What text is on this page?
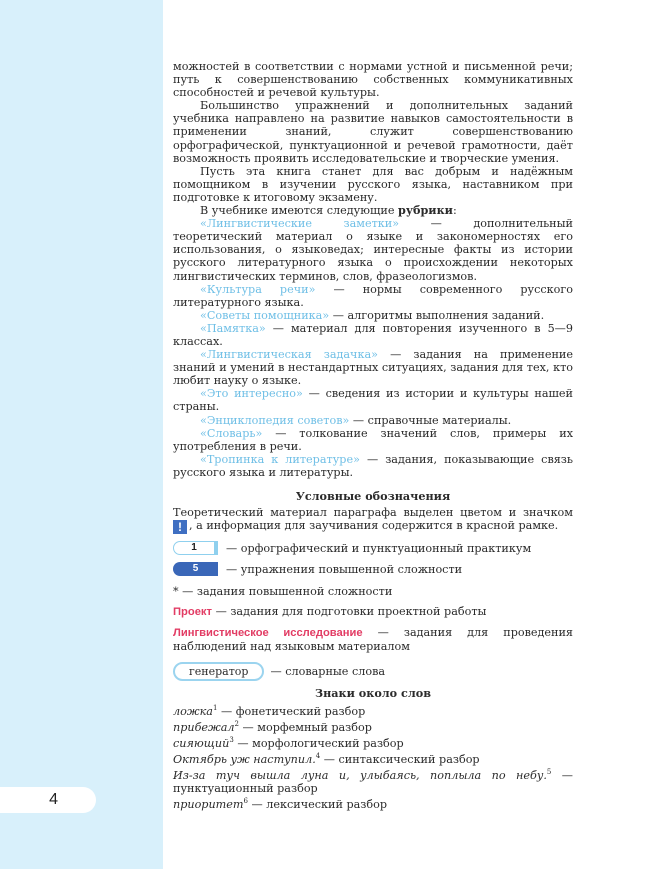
4

можностей в соответствии с нормами устной и письменной речи; путь к совершенствованию собственных коммуникативных способностей и речевой культуры.

Большинство упражнений и дополнительных заданий учебника направлено на развитие навыков самостоятельности в применении знаний, служит совершенствованию орфографической, пунктуационной и речевой грамотности, даёт возможность проявить исследовательские и творческие умения.

Пусть эта книга станет для вас добрым и надёжным помощником в изучении русского языка, наставником при подготовке к итоговому экзамену.

В учебнике имеются следующие рубрики:

«Лингвистические заметки» — дополнительный теоретический материал о языке и закономерностях его использования, о языковедах; интересные факты из истории русского литературного языка о происхождении некоторых лингвистических терминов, слов, фразеологизмов.

«Культура речи» — нормы современного русского литературного языка.

«Советы помощника» — алгоритмы выполнения заданий.

«Памятка» — материал для повторения изученного в 5—9 классах.

«Лингвистическая задачка» — задания на применение знаний и умений в нестандартных ситуациях, задания для тех, кто любит науку о языке.

«Это интересно» — сведения из истории и культуры нашей страны.

«Энциклопедия советов» — справочные материалы.

«Словарь» — толкование значений слов, примеры их употребления в речи.

«Тропинка к литературе» — задания, показывающие связь русского языка и литературы.

Условные обозначения

Теоретический материал параграфа выделен цветом и значком ! , а информация для заучивания содержится в красной рамке.

1	— орфографический и пунктуационный практикум
5	— упражнения повышенной сложности

* — задания повышенной сложности

Проект — задания для подготовки проектной работы

Лингвистическое исследование — задания для проведения наблюдений над языковым материалом

генератор	— словарные слова

Знаки около слов

ложка$^1$ — фонетический разбор

прибежал$^2$ — морфемный разбор

сияющий$^3$ — морфологический разбор

Октябрь уж наступил.$^4$ — синтаксический разбор

Из-за туч вышла луна и, улыбаясь, поплыла по небу.$^5$ — пунктуационный разбор

приоритет$^6$ — лексический разбор
